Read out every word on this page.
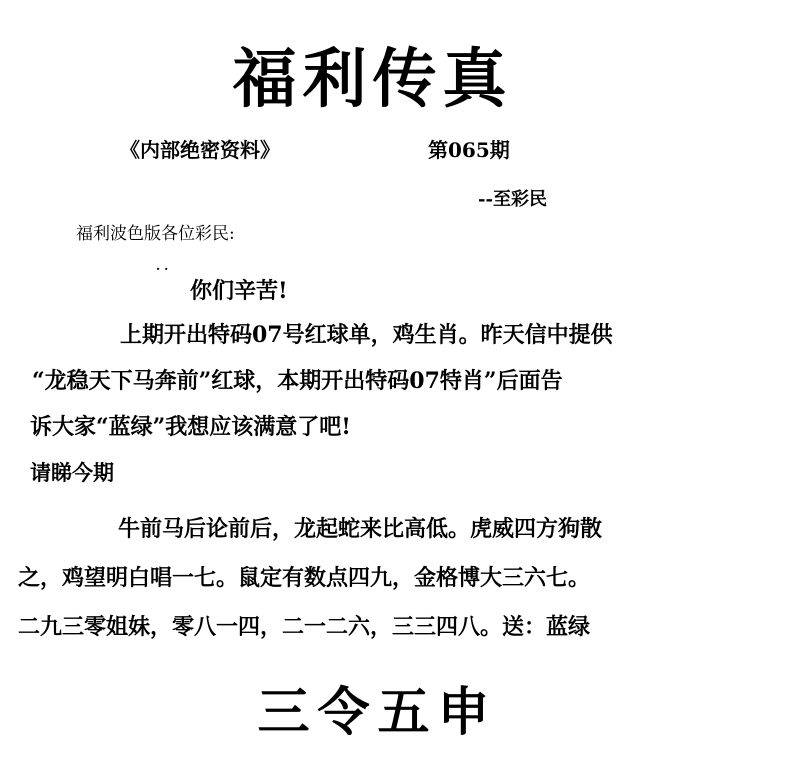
福利传真
《内部绝密资料》	第065期
--至彩民
福利波色版各位彩民:
··
你们辛苦!
上期开出特码07号红球单，鸡生肖。昨天信中提供
“龙稳天下马奔前”红球，本期开出特码07特肖”后面告
诉大家“蓝绿”我想应该满意了吧!
请睇今期
牛前马后论前后，龙起蛇来比高低。虎威四方狗散
之，鸡望明白唱一七。鼠定有数点四九，金格博大三六七。
二九三零姐妹，零八一四，二一二六，三三四八。送：蓝绿
三令五申
